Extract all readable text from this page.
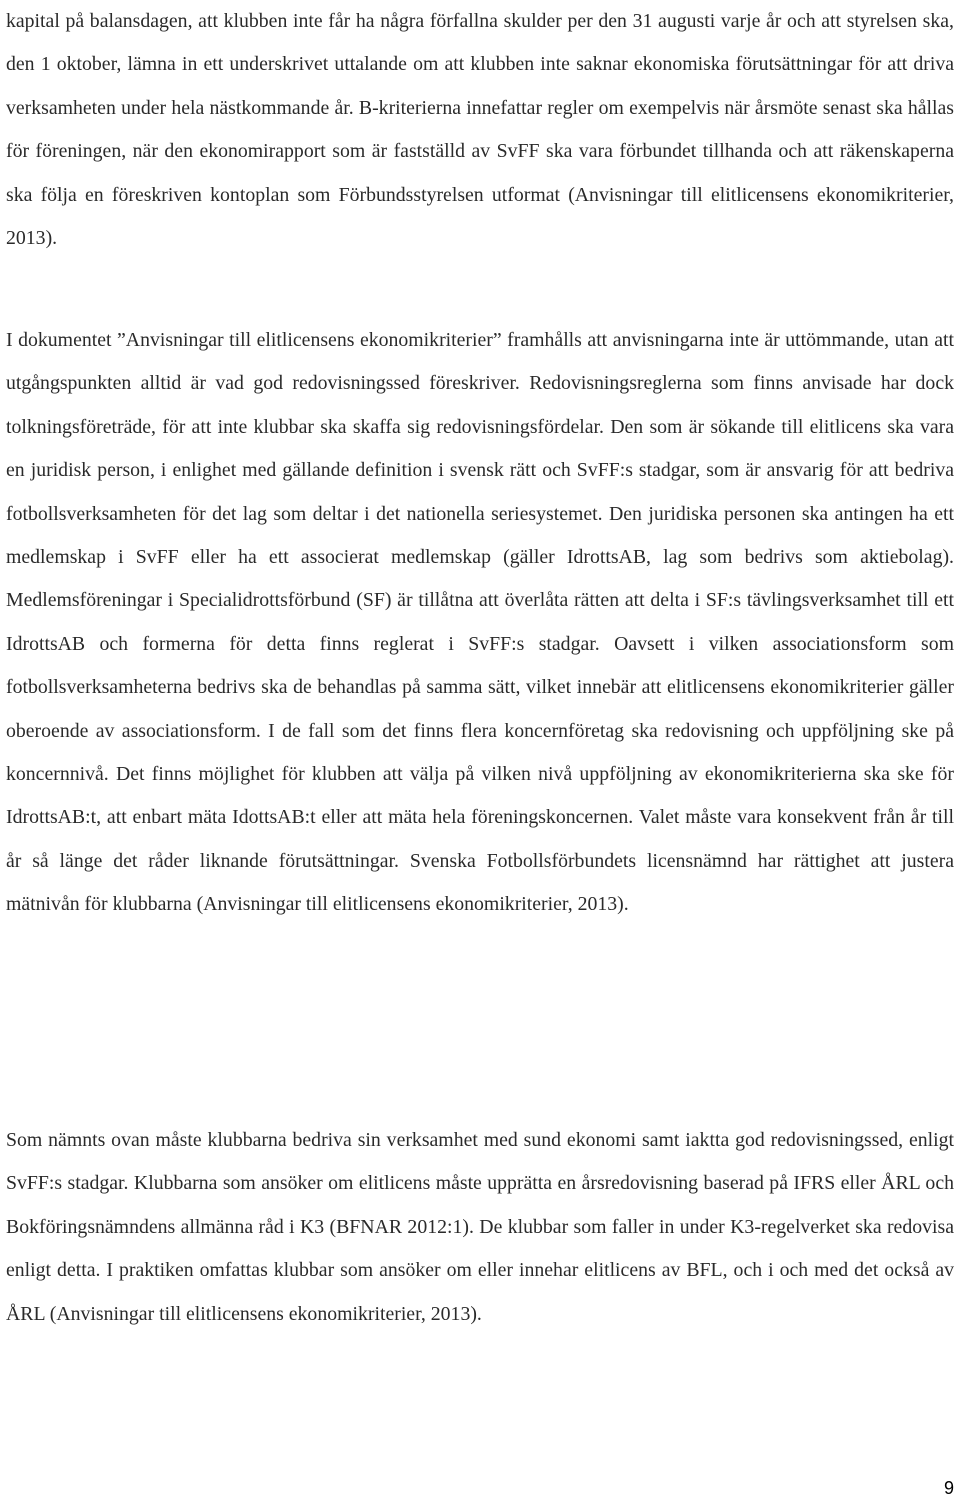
kapital på balansdagen, att klubben inte får ha några förfallna skulder per den 31 augusti varje år och att styrelsen ska, den 1 oktober, lämna in ett underskrivet uttalande om att klubben inte saknar ekonomiska förutsättningar för att driva verksamheten under hela nästkommande år. B-kriterierna innefattar regler om exempelvis när årsmöte senast ska hållas för föreningen, när den ekonomirapport som är fastställd av SvFF ska vara förbundet tillhanda och att räkenskaperna ska följa en föreskriven kontoplan som Förbundsstyrelsen utformat (Anvisningar till elitlicensens ekonomikriterier, 2013).

I dokumentet ”Anvisningar till elitlicensens ekonomikriterier” framhålls att anvisningarna inte är uttömmande, utan att utgångspunkten alltid är vad god redovisningssed föreskriver. Redovisningsreglerna som finns anvisade har dock tolkningsföreträde, för att inte klubbar ska skaffa sig redovisningsfördelar. Den som är sökande till elitlicens ska vara en juridisk person, i enlighet med gällande definition i svensk rätt och SvFF:s stadgar, som är ansvarig för att bedriva fotbollsverksamheten för det lag som deltar i det nationella seriesystemet. Den juridiska personen ska antingen ha ett medlemskap i SvFF eller ha ett associerat medlemskap (gäller IdrottsAB, lag som bedrivs som aktiebolag). Medlemsföreningar i Specialidrottsförbund (SF) är tillåtna att överlåta rätten att delta i SF:s tävlingsverksamhet till ett IdrottsAB och formerna för detta finns reglerat i SvFF:s stadgar. Oavsett i vilken associationsform som fotbollsverksamheterna bedrivs ska de behandlas på samma sätt, vilket innebär att elitlicensens ekonomikriterier gäller oberoende av associationsform. I de fall som det finns flera koncernföretag ska redovisning och uppföljning ske på koncernnivå. Det finns möjlighet för klubben att välja på vilken nivå uppföljning av ekonomikriterierna ska ske för IdrottsAB:t, att enbart mäta IdottsAB:t eller att mäta hela föreningskoncernen. Valet måste vara konsekvent från år till år så länge det råder liknande förutsättningar. Svenska Fotbollsförbundets licensnämnd har rättighet att justera mätnivån för klubbarna (Anvisningar till elitlicensens ekonomikriterier, 2013).

Som nämnts ovan måste klubbarna bedriva sin verksamhet med sund ekonomi samt iaktta god redovisningssed, enligt SvFF:s stadgar. Klubbarna som ansöker om elitlicens måste upprätta en årsredovisning baserad på IFRS eller ÅRL och Bokföringsnämndens allmänna råd i K3 (BFNAR 2012:1). De klubbar som faller in under K3-regelverket ska redovisa enligt detta. I praktiken omfattas klubbar som ansöker om eller innehar elitlicens av BFL, och i och med det också av ÅRL (Anvisningar till elitlicensens ekonomikriterier, 2013).

9
